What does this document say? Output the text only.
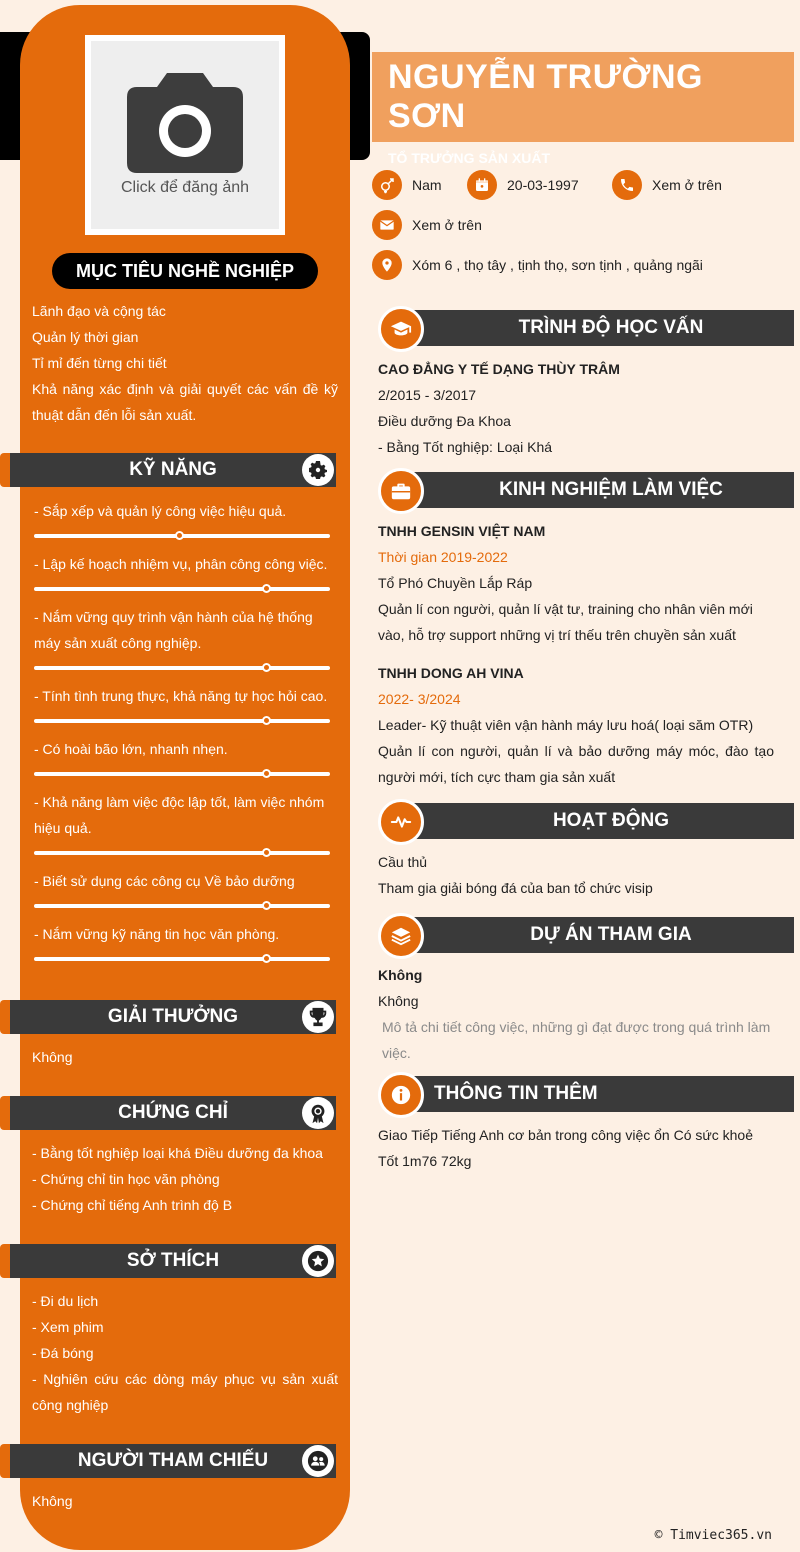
Click để đăng ảnh
MỤC TIÊU NGHỀ NGHIỆP
Lãnh đạo và cộng tác
Quản lý thời gian
Tỉ mỉ đến từng chi tiết
Khả năng xác định và giải quyết các vấn đề kỹ thuật dẫn đến lỗi sản xuất.
KỸ NĂNG
- Sắp xếp và quản lý công việc hiệu quả.
- Lập kế hoạch nhiệm vụ, phân công công việc.
- Nắm vững quy trình vận hành của hệ thống máy sản xuất công nghiệp.
- Tính tình trung thực, khả năng tự học hỏi cao.
- Có hoài bão lớn, nhanh nhẹn.
- Khả năng làm việc độc lập tốt, làm việc nhóm hiệu quả.
- Biết sử dụng các công cụ Về bảo dưỡng
- Nắm vững kỹ năng tin học văn phòng.
GIẢI THƯỞNG
Không
CHỨNG CHỈ
- Bằng tốt nghiệp loại khá Điều dưỡng đa khoa
- Chứng chỉ tin học văn phòng
- Chứng chỉ tiếng Anh trình độ B
SỞ THÍCH
- Đi du lịch
- Xem phim
- Đá bóng
- Nghiên cứu các dòng máy phục vụ sản xuất công nghiệp
NGƯỜI THAM CHIẾU
Không
NGUYỄN TRƯỜNG SƠN
TỔ TRƯỞNG SẢN XUẤT
Nam	20-03-1997	Xem ở trên
Xem ở trên
Xóm 6 , thọ tây , tịnh thọ, sơn tịnh , quảng ngãi
TRÌNH ĐỘ HỌC VẤN
CAO ĐẲNG Y TẾ DẠNG THÙY TRÂM
2/2015 - 3/2017
Điều dưỡng Đa Khoa
- Bằng Tốt nghiệp: Loại Khá
KINH NGHIỆM LÀM VIỆC
TNHH GENSIN VIỆT NAM
Thời gian 2019-2022
Tổ Phó Chuyền Lắp Ráp
Quản lí con người, quản lí vật tư, training cho nhân viên mới vào, hỗ trợ support những vị trí thếu trên chuyền sản xuất
TNHH DONG AH VINA
2022- 3/2024
Leader- Kỹ thuật viên vận hành máy lưu hoá( loại săm OTR)
Quản lí con người, quản lí và bảo dưỡng máy móc, đào tạo người mới, tích cực tham gia sản xuất
HOẠT ĐỘNG
Cầu thủ
Tham gia giải bóng đá của ban tổ chức visip
DỰ ÁN THAM GIA
Không
Không
Mô tả chi tiết công việc, những gì đạt được trong quá trình làm việc.
THÔNG TIN THÊM
Giao Tiếp Tiếng Anh cơ bản trong công việc ổn Có sức khoẻ Tốt 1m76 72kg
© Timviec365.vn
